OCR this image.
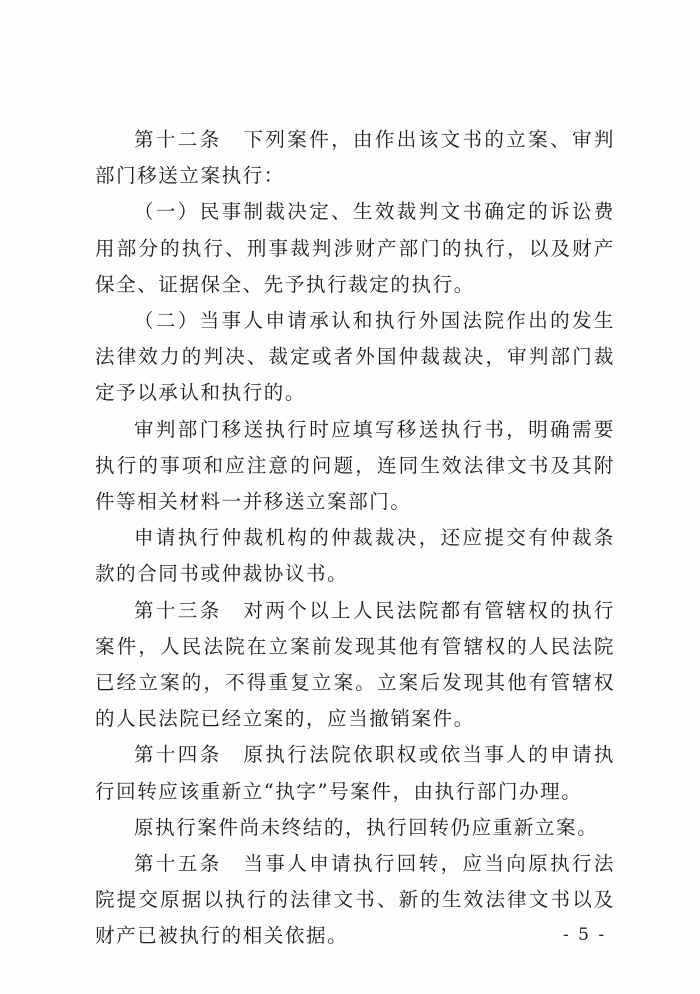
第十二条　下列案件，由作出该文书的立案、审判部门移送立案执行：

（一）民事制裁决定、生效裁判文书确定的诉讼费用部分的执行、刑事裁判涉财产部门的执行，以及财产保全、证据保全、先予执行裁定的执行。

（二）当事人申请承认和执行外国法院作出的发生法律效力的判决、裁定或者外国仲裁裁决，审判部门裁定予以承认和执行的。

审判部门移送执行时应填写移送执行书，明确需要执行的事项和应注意的问题，连同生效法律文书及其附件等相关材料一并移送立案部门。

申请执行仲裁机构的仲裁裁决，还应提交有仲裁条款的合同书或仲裁协议书。

第十三条　对两个以上人民法院都有管辖权的执行案件，人民法院在立案前发现其他有管辖权的人民法院已经立案的，不得重复立案。立案后发现其他有管辖权的人民法院已经立案的，应当撤销案件。

第十四条　原执行法院依职权或依当事人的申请执行回转应该重新立“执字”号案件，由执行部门办理。

原执行案件尚未终结的，执行回转仍应重新立案。

第十五条　当事人申请执行回转，应当向原执行法院提交原据以执行的法律文书、新的生效法律文书以及财产已被执行的相关依据。	- 5 -
